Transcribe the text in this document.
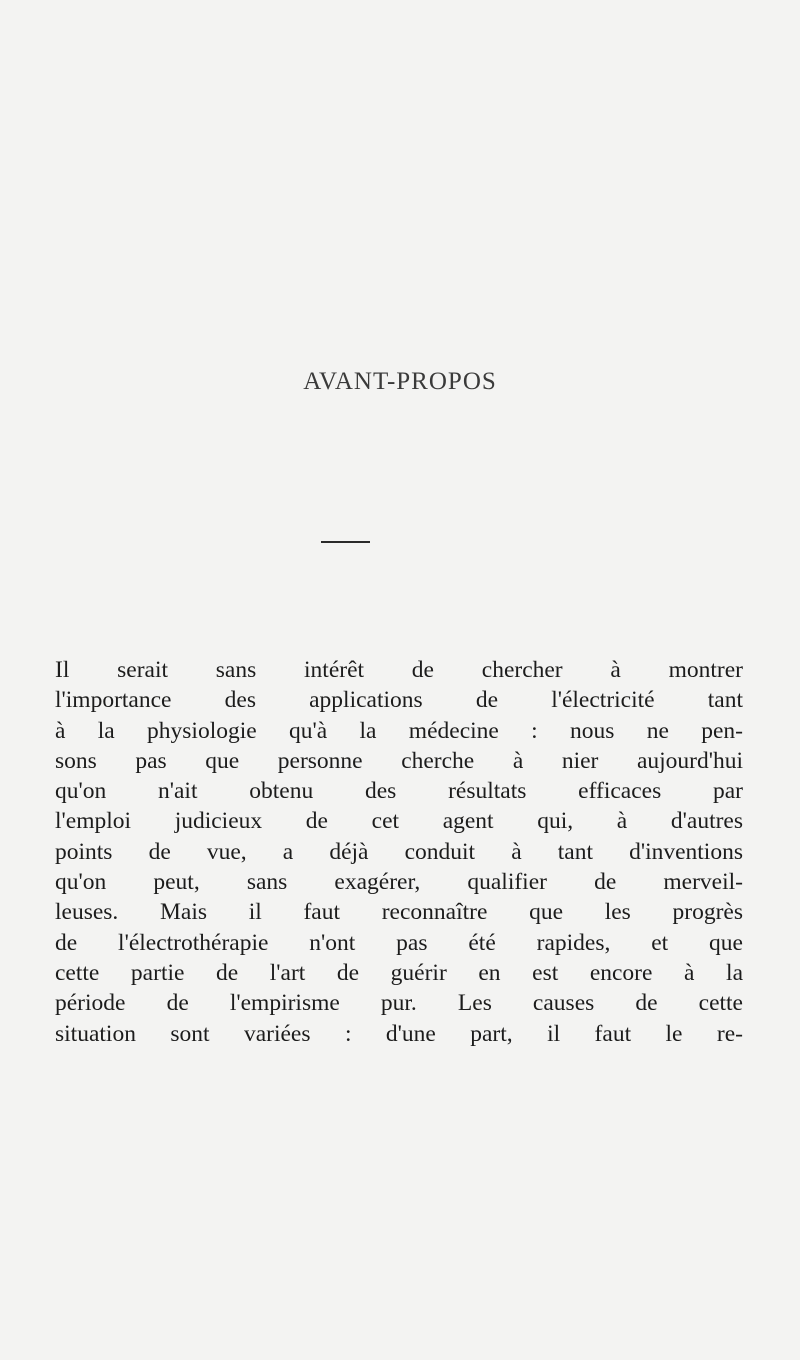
AVANT-PROPOS
Il serait sans intérêt de chercher à montrer
l'importance des applications de l'électricité tant
à la physiologie qu'à la médecine : nous ne pen-
sons pas que personne cherche à nier aujourd'hui
qu'on n'ait obtenu des résultats efficaces par
l'emploi judicieux de cet agent qui, à d'autres
points de vue, a déjà conduit à tant d'inventions
qu'on peut, sans exagérer, qualifier de merveil-
leuses. Mais il faut reconnaître que les progrès
de l'électrothérapie n'ont pas été rapides, et que
cette partie de l'art de guérir en est encore à la
période de l'empirisme pur. Les causes de cette
situation sont variées : d'une part, il faut le re-
